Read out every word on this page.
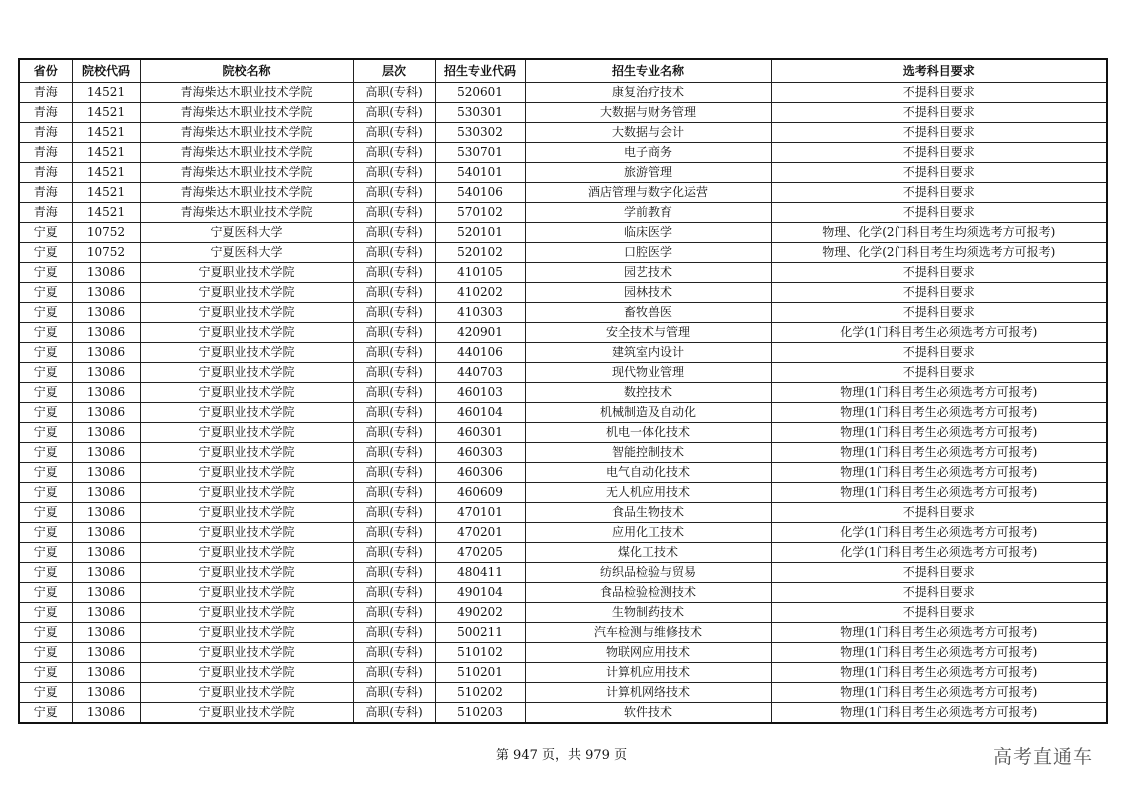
省份	院校代码	院校名称	层次	招生专业代码	招生专业名称	选考科目要求
青海	14521	青海柴达木职业技术学院	高职(专科)	520601	康复治疗技术	不提科目要求
青海	14521	青海柴达木职业技术学院	高职(专科)	530301	大数据与财务管理	不提科目要求
青海	14521	青海柴达木职业技术学院	高职(专科)	530302	大数据与会计	不提科目要求
青海	14521	青海柴达木职业技术学院	高职(专科)	530701	电子商务	不提科目要求
青海	14521	青海柴达木职业技术学院	高职(专科)	540101	旅游管理	不提科目要求
青海	14521	青海柴达木职业技术学院	高职(专科)	540106	酒店管理与数字化运营	不提科目要求
青海	14521	青海柴达木职业技术学院	高职(专科)	570102	学前教育	不提科目要求
宁夏	10752	宁夏医科大学	高职(专科)	520101	临床医学	物理、化学(2门科目考生均须选考方可报考)
宁夏	10752	宁夏医科大学	高职(专科)	520102	口腔医学	物理、化学(2门科目考生均须选考方可报考)
宁夏	13086	宁夏职业技术学院	高职(专科)	410105	园艺技术	不提科目要求
宁夏	13086	宁夏职业技术学院	高职(专科)	410202	园林技术	不提科目要求
宁夏	13086	宁夏职业技术学院	高职(专科)	410303	畜牧兽医	不提科目要求
宁夏	13086	宁夏职业技术学院	高职(专科)	420901	安全技术与管理	化学(1门科目考生必须选考方可报考)
宁夏	13086	宁夏职业技术学院	高职(专科)	440106	建筑室内设计	不提科目要求
宁夏	13086	宁夏职业技术学院	高职(专科)	440703	现代物业管理	不提科目要求
宁夏	13086	宁夏职业技术学院	高职(专科)	460103	数控技术	物理(1门科目考生必须选考方可报考)
宁夏	13086	宁夏职业技术学院	高职(专科)	460104	机械制造及自动化	物理(1门科目考生必须选考方可报考)
宁夏	13086	宁夏职业技术学院	高职(专科)	460301	机电一体化技术	物理(1门科目考生必须选考方可报考)
宁夏	13086	宁夏职业技术学院	高职(专科)	460303	智能控制技术	物理(1门科目考生必须选考方可报考)
宁夏	13086	宁夏职业技术学院	高职(专科)	460306	电气自动化技术	物理(1门科目考生必须选考方可报考)
宁夏	13086	宁夏职业技术学院	高职(专科)	460609	无人机应用技术	物理(1门科目考生必须选考方可报考)
宁夏	13086	宁夏职业技术学院	高职(专科)	470101	食品生物技术	不提科目要求
宁夏	13086	宁夏职业技术学院	高职(专科)	470201	应用化工技术	化学(1门科目考生必须选考方可报考)
宁夏	13086	宁夏职业技术学院	高职(专科)	470205	煤化工技术	化学(1门科目考生必须选考方可报考)
宁夏	13086	宁夏职业技术学院	高职(专科)	480411	纺织品检验与贸易	不提科目要求
宁夏	13086	宁夏职业技术学院	高职(专科)	490104	食品检验检测技术	不提科目要求
宁夏	13086	宁夏职业技术学院	高职(专科)	490202	生物制药技术	不提科目要求
宁夏	13086	宁夏职业技术学院	高职(专科)	500211	汽车检测与维修技术	物理(1门科目考生必须选考方可报考)
宁夏	13086	宁夏职业技术学院	高职(专科)	510102	物联网应用技术	物理(1门科目考生必须选考方可报考)
宁夏	13086	宁夏职业技术学院	高职(专科)	510201	计算机应用技术	物理(1门科目考生必须选考方可报考)
宁夏	13086	宁夏职业技术学院	高职(专科)	510202	计算机网络技术	物理(1门科目考生必须选考方可报考)
宁夏	13086	宁夏职业技术学院	高职(专科)	510203	软件技术	物理(1门科目考生必须选考方可报考)
第 947 页，共 979 页	高考直通车
